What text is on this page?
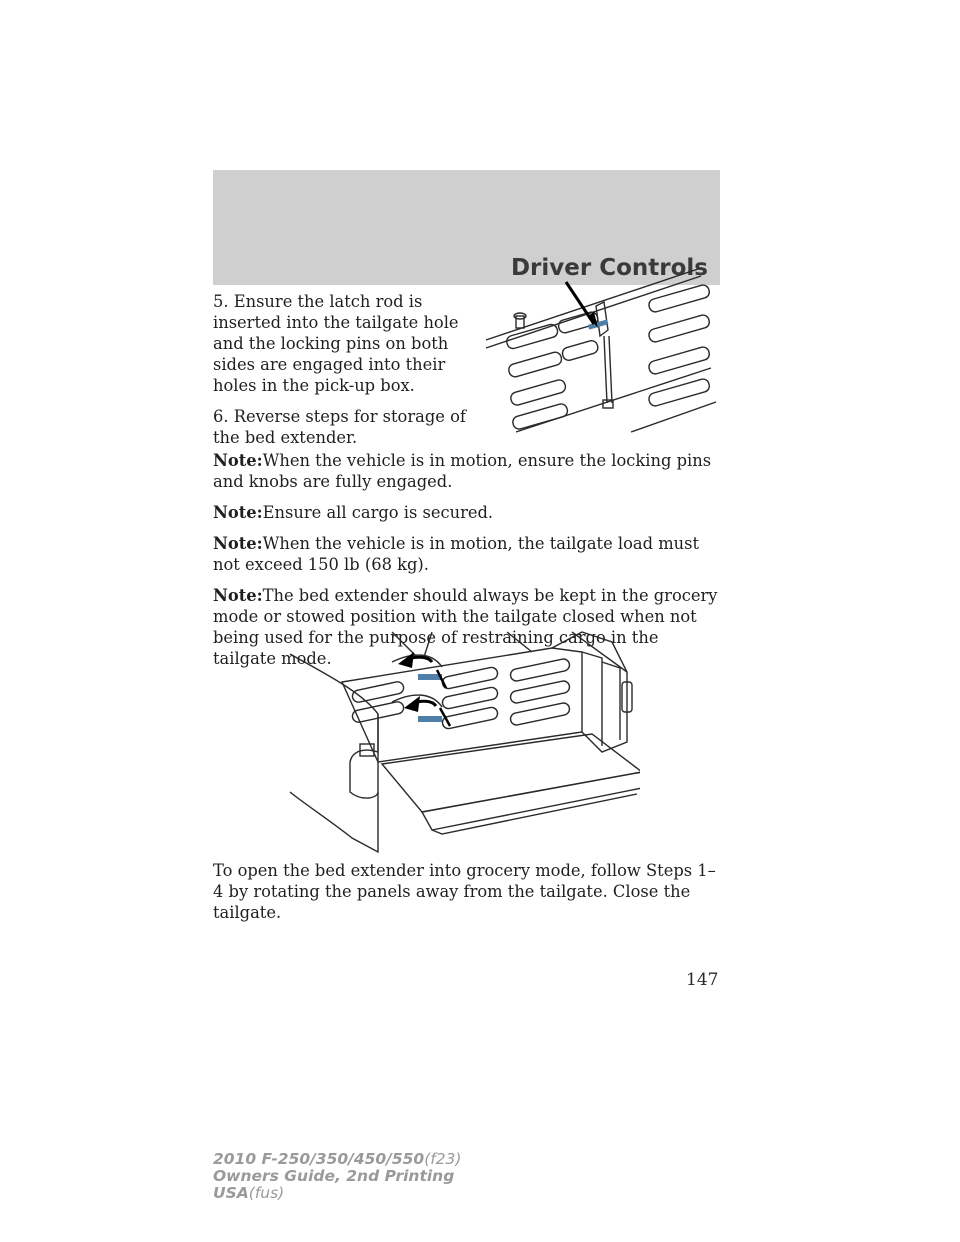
Driver Controls

5. Ensure the latch rod is inserted into the tailgate hole and the locking pins on both sides are engaged into their holes in the pick-up box.

6. Reverse steps for storage of the bed extender.

Note:When the vehicle is in motion, ensure the locking pins and knobs are fully engaged.

Note:Ensure all cargo is secured.

Note:When the vehicle is in motion, the tailgate load must not exceed 150 lb (68 kg).

Note:The bed extender should always be kept in the grocery mode or stowed position with the tailgate closed when not being used for the purpose of restraining cargo in the tailgate mode.

To open the bed extender into grocery mode, follow Steps 1–4 by rotating the panels away from the tailgate. Close the tailgate.

147
2010 F-250/350/450/550(f23)
Owners Guide, 2nd Printing
USA(fus)
